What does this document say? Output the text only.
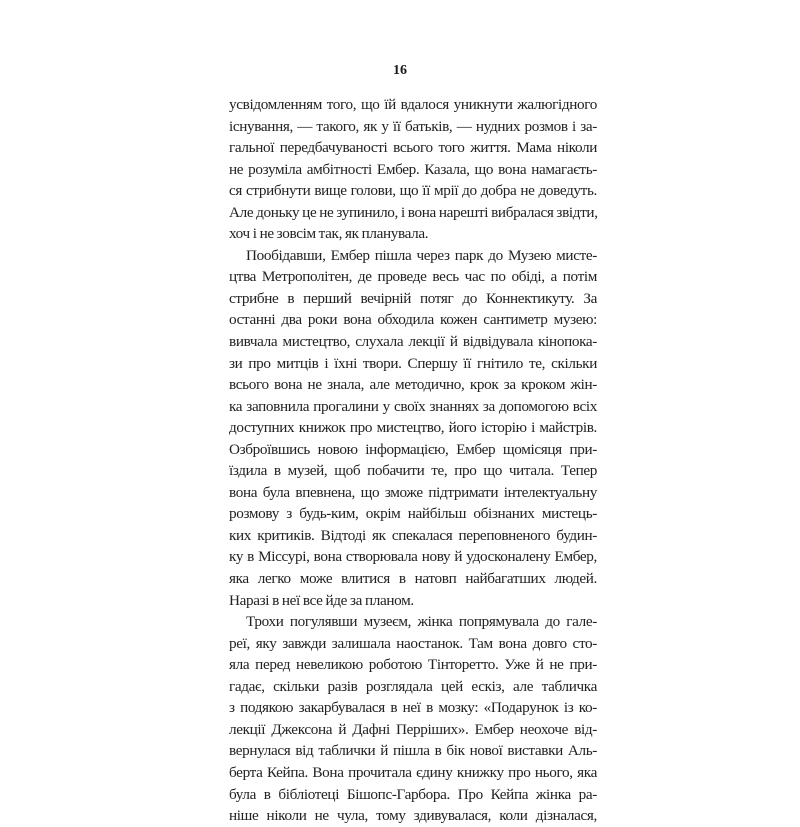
16
усвідомленням того, що їй вдалося уникнути жалюгідного
існування, — такого, як у її батьків, — нудних розмов і за-
гальної передбачуваності всього того життя. Мама ніколи
не розуміла амбітності Ембер. Казала, що вона намагаєть-
ся стрибнути вище голови, що її мрії до добра не доведуть.
Але доньку це не зупинило, і вона нарешті вибралася звідти,
хоч і не зовсім так, як планувала.
Пообідавши, Ембер пішла через парк до Музею мисте-
цтва Метрополітен, де проведе весь час по обіді, а потім
стрибне в перший вечірній потяг до Коннектикуту. За
останні два роки вона обходила кожен сантиметр музею:
вивчала мистецтво, слухала лекції й відвідувала кінопока-
зи про митців і їхні твори. Спершу її гнітило те, скільки
всього вона не знала, але методично, крок за кроком жін-
ка заповнила прогалини у своїх знаннях за допомогою всіх
доступних книжок про мистецтво, його історію і майстрів.
Озброївшись новою інформацією, Ембер щомісяця при-
їздила в музей, щоб побачити те, про що читала. Тепер
вона була впевнена, що зможе підтримати інтелектуальну
розмову з будь-ким, окрім найбільш обізнаних мистець-
ких критиків. Відтоді як спекалася переповненого будин-
ку в Міссурі, вона створювала нову й удосконалену Ембер,
яка легко може влитися в натовп найбагатших людей.
Наразі в неї все йде за планом.
Трохи погулявши музеєм, жінка попрямувала до гале-
реї, яку завжди залишала наостанок. Там вона довго сто-
яла перед невеликою роботою Тінторетто. Уже й не при-
гадає, скільки разів розглядала цей ескіз, але табличка
з подякою закарбувалася в неї в мозку: «Подарунок із ко-
лекції Джексона й Дафні Перріших». Ембер неохоче від-
вернулася від таблички й пішла в бік нової виставки Аль-
берта Кейпа. Вона прочитала єдину книжку про нього, яка
була в бібліотеці Бішопс-Гарбора. Про Кейпа жінка ра-
ніше ніколи не чула, тому здивувалася, коли дізналася,
